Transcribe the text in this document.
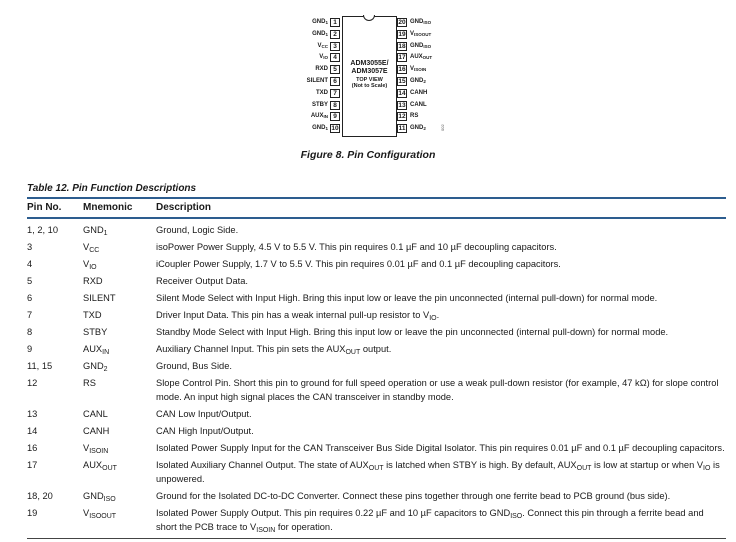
ADM3055E/
ADM3057E
TOP VIEW
(Not to Scale)
1
$GND_1$
2
$GND_1$
3
$V_{CC}$
4
$V_{IO}$
5
RXD
6
SILENT
7
TXD
8
STBY
9
$AUX_{IN}$
10
$GND_1$
20 $GND_{ISO}$
19 $V_{ISOOUT}$
18 $GND_{ISO}$
17 $AUX_{OUT}$
16 $V_{ISOIN}$
15 $GND_2$
14 CANH
13 CANL
12 RS
11 $GND_2$	002
Figure 8. Pin Configuration
Table 12. Pin Function Descriptions
Pin No. Mnemonic Description
1, 2, 10	$GND_1$	Ground, Logic Side.
3	$V_{CC}$	isoPower Power Supply, 4.5 V to 5.5 V. This pin requires 0.1 µF and 10 µF decoupling capacitors.
4	$V_{IO}$	iCoupler Power Supply, 1.7 V to 5.5 V. This pin requires 0.01 µF and 0.1 µF decoupling capacitors.
5	RXD	Receiver Output Data.
6	SILENT	Silent Mode Select with Input High. Bring this input low or leave the pin unconnected (internal pull-down) for normal mode.
7	TXD	Driver Input Data. This pin has a weak internal pull-up resistor to $V_{IO}$.
8	STBY	Standby Mode Select with Input High. Bring this input low or leave the pin unconnected (internal pull-down) for normal mode.
9	$AUX_{IN}$	Auxiliary Channel Input. This pin sets the $AUX_{OUT}$ output.
11, 15	$GND_2$	Ground, Bus Side.
12	RS	Slope Control Pin. Short this pin to ground for full speed operation or use a weak pull-down resistor (for example, 47 kΩ) for slope control mode. An input high signal places the CAN transceiver in standby mode.
13	CANL	CAN Low Input/Output.
14	CANH	CAN High Input/Output.
16	$V_{ISOIN}$	Isolated Power Supply Input for the CAN Transceiver Bus Side Digital Isolator. This pin requires 0.01 µF and 0.1 µF decoupling capacitors.
17	$AUX_{OUT}$	Isolated Auxiliary Channel Output. The state of $AUX_{OUT}$ is latched when STBY is high. By default, $AUX_{OUT}$ is low at startup or when $V_{IO}$ is unpowered.
18, 20	$GND_{ISO}$	Ground for the Isolated DC-to-DC Converter. Connect these pins together through one ferrite bead to PCB ground (bus side).
19	$V_{ISOOUT}$	Isolated Power Supply Output. This pin requires 0.22 µF and 10 µF capacitors to $GND_{ISO}$. Connect this pin through a ferrite bead and short the PCB trace to $V_{ISOIN}$ for operation.
